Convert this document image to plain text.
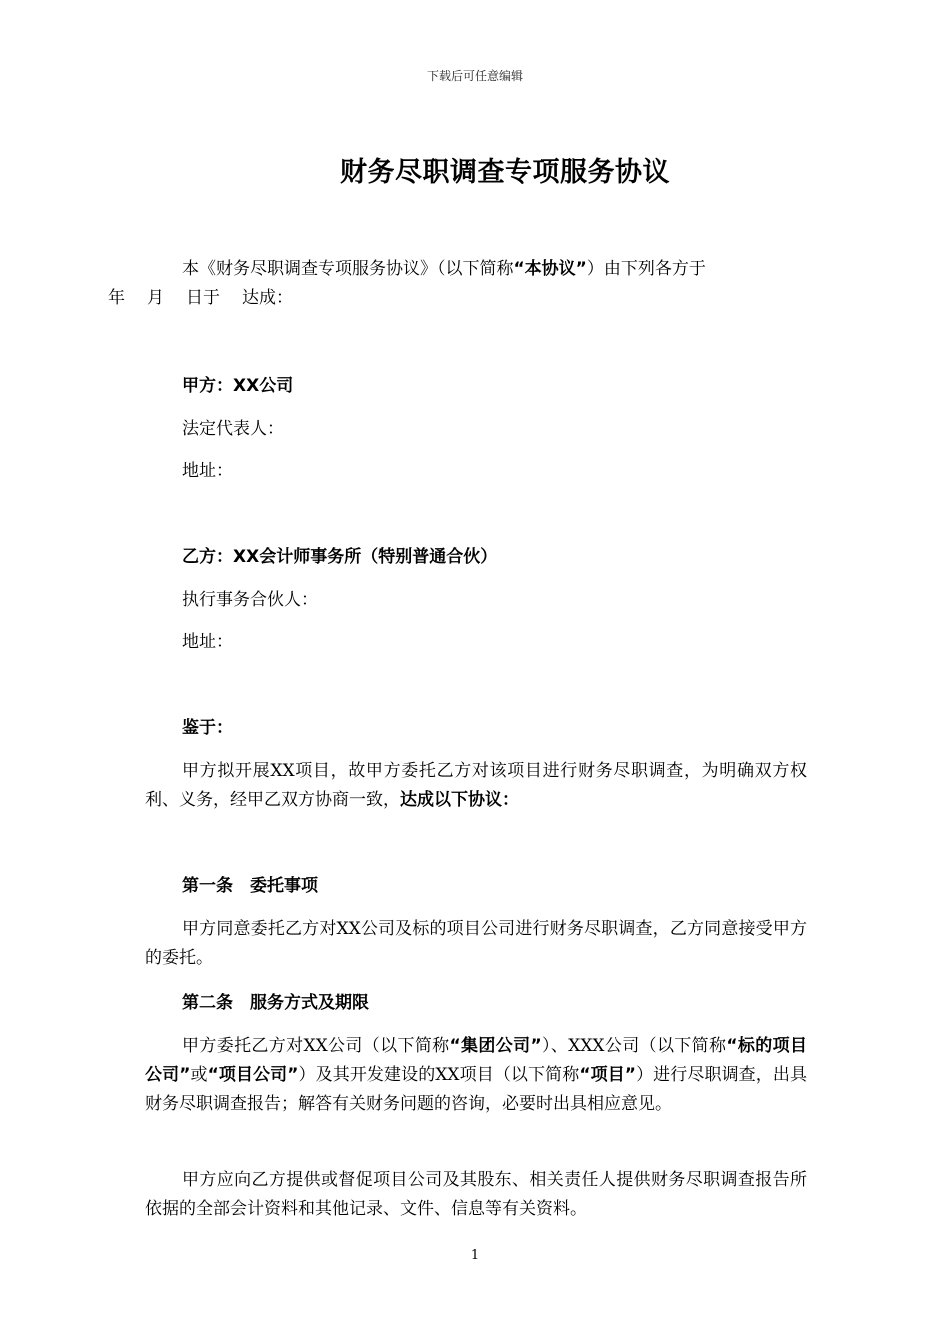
下载后可任意编辑
财务尽职调查专项服务协议
本《财务尽职调查专项服务协议》（以下简称“本协议”）由下列各方于
年 月 日于 达成：
甲方：XX公司
法定代表人：
地址：
乙方：XX会计师事务所（特别普通合伙）
执行事务合伙人：
地址：
鉴于：
甲方拟开展XX项目，故甲方委托乙方对该项目进行财务尽职调查，为明确双方权利、义务，经甲乙双方协商一致，达成以下协议：
第一条　委托事项
甲方同意委托乙方对XX公司及标的项目公司进行财务尽职调查，乙方同意接受甲方的委托。
第二条　服务方式及期限
甲方委托乙方对XX公司（以下简称“集团公司”）、XXX公司（以下简称“标的项目公司”或“项目公司”）及其开发建设的XX项目（以下简称“项目”）进行尽职调查，出具财务尽职调查报告；解答有关财务问题的咨询，必要时出具相应意见。
甲方应向乙方提供或督促项目公司及其股东、相关责任人提供财务尽职调查报告所依据的全部会计资料和其他记录、文件、信息等有关资料。
1
